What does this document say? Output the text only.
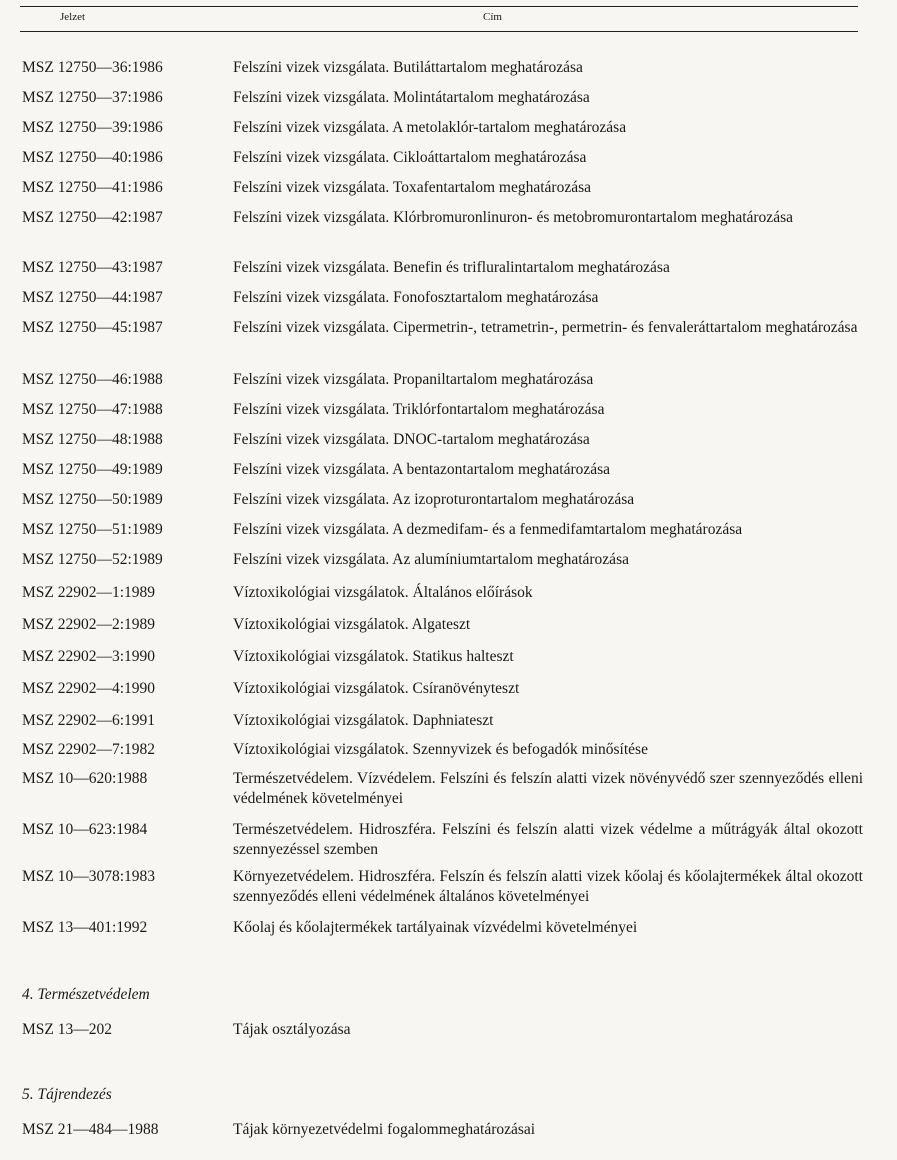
Jelzet	Cím
MSZ 12750—36:1986	Felszíni vizek vizsgálata. Butiláttartalom meghatározása
MSZ 12750—37:1986	Felszíni vizek vizsgálata. Molintátartalom meghatározása
MSZ 12750—39:1986	Felszíni vizek vizsgálata. A metolaklór-tartalom meghatározása
MSZ 12750—40:1986	Felszíni vizek vizsgálata. Cikloáttartalom meghatározása
MSZ 12750—41:1986	Felszíni vizek vizsgálata. Toxafentartalom meghatározása
MSZ 12750—42:1987	Felszíni vizek vizsgálata. Klórbromuronlinuron- és metobromurontartalom meghatározása
MSZ 12750—43:1987	Felszíni vizek vizsgálata. Benefin és trifluralintartalom meghatározása
MSZ 12750—44:1987	Felszíni vizek vizsgálata. Fonofosztartalom meghatározása
MSZ 12750—45:1987	Felszíni vizek vizsgálata. Cipermetrin-, tetrametrin-, permetrin- és fenvaleráttartalom meghatározása
MSZ 12750—46:1988	Felszíni vizek vizsgálata. Propaniltartalom meghatározása
MSZ 12750—47:1988	Felszíni vizek vizsgálata. Triklórfontartalom meghatározása
MSZ 12750—48:1988	Felszíni vizek vizsgálata. DNOC-tartalom meghatározása
MSZ 12750—49:1989	Felszíni vizek vizsgálata. A bentazontartalom meghatározása
MSZ 12750—50:1989	Felszíni vizek vizsgálata. Az izoproturontartalom meghatározása
MSZ 12750—51:1989	Felszíni vizek vizsgálata. A dezmedifam- és a fenmedifamtartalom meghatározása
MSZ 12750—52:1989	Felszíni vizek vizsgálata. Az alumíniumtartalom meghatározása
MSZ 22902—1:1989	Víztoxikológiai vizsgálatok. Általános előírások
MSZ 22902—2:1989	Víztoxikológiai vizsgálatok. Algateszt
MSZ 22902—3:1990	Víztoxikológiai vizsgálatok. Statikus halteszt
MSZ 22902—4:1990	Víztoxikológiai vizsgálatok. Csíranövényteszt
MSZ 22902—6:1991	Víztoxikológiai vizsgálatok. Daphniateszt
MSZ 22902—7:1982	Víztoxikológiai vizsgálatok. Szennyvizek és befogadók minősítése
MSZ 10—620:1988	Természetvédelem. Vízvédelem. Felszíni és felszín alatti vizek növényvédő szer szennyeződés elleni védelmének követelményei
MSZ 10—623:1984	Természetvédelem. Hidroszféra. Felszíni és felszín alatti vizek védelme a műtrágyák által okozott szennyezéssel szemben
MSZ 10—3078:1983	Környezetvédelem. Hidroszféra. Felszín és felszín alatti vizek kőolaj és kőolajtermékek által okozott szennyeződés elleni védelmének általános követelményei
MSZ 13—401:1992	Kőolaj és kőolajtermékek tartályainak vízvédelmi követelményei
4. Természetvédelem
MSZ 13—202	Tájak osztályozása
5. Tájrendezés
MSZ 21—484—1988	Tájak környezetvédelmi fogalommeghatározásai
